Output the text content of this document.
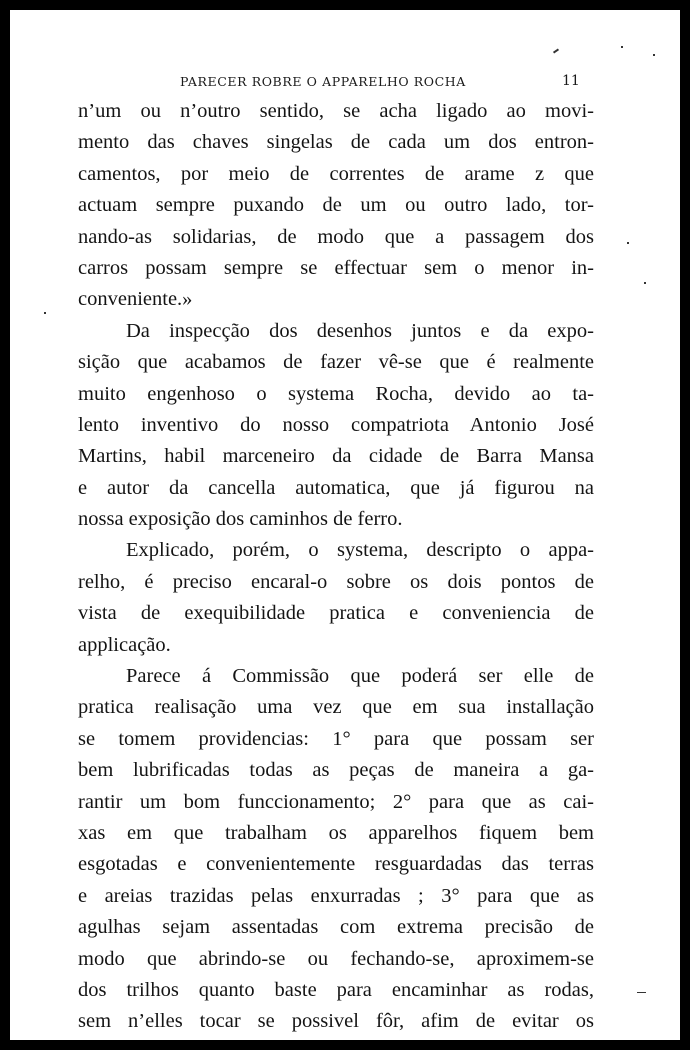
PARECER ROBRE O APPARELHO ROCHA	11
n’um ou n’outro sentido, se acha ligado ao movi-
mento das chaves singelas de cada um dos entron-
camentos, por meio de correntes de arame z que
actuam sempre puxando de um ou outro lado, tor-
nando-as solidarias, de modo que a passagem dos
carros possam sempre se effectuar sem o menor in-
conveniente.»
Da inspecção dos desenhos juntos e da expo-
sição que acabamos de fazer vê-se que é realmente
muito engenhoso o systema Rocha, devido ao ta-
lento inventivo do nosso compatriota Antonio José
Martins, habil marceneiro da cidade de Barra Mansa
e autor da cancella automatica, que já figurou na
nossa exposição dos caminhos de ferro.
Explicado, porém, o systema, descripto o appa-
relho, é preciso encaral-o sobre os dois pontos de
vista de exequibilidade pratica e conveniencia de
applicação.
Parece á Commissão que poderá ser elle de
pratica realisação uma vez que em sua installação
se tomem providencias: 1° para que possam ser
bem lubrificadas todas as peças de maneira a ga-
rantir um bom funccionamento; 2° para que as cai-
xas em que trabalham os apparelhos fiquem bem
esgotadas e convenientemente resguardadas das terras
e areias trazidas pelas enxurradas ; 3° para que as
agulhas sejam assentadas com extrema precisão de
modo que abrindo-se ou fechando-se, aproximem-se
dos trilhos quanto baste para encaminhar as rodas,
sem n’elles tocar se possivel fôr, afim de evitar os
